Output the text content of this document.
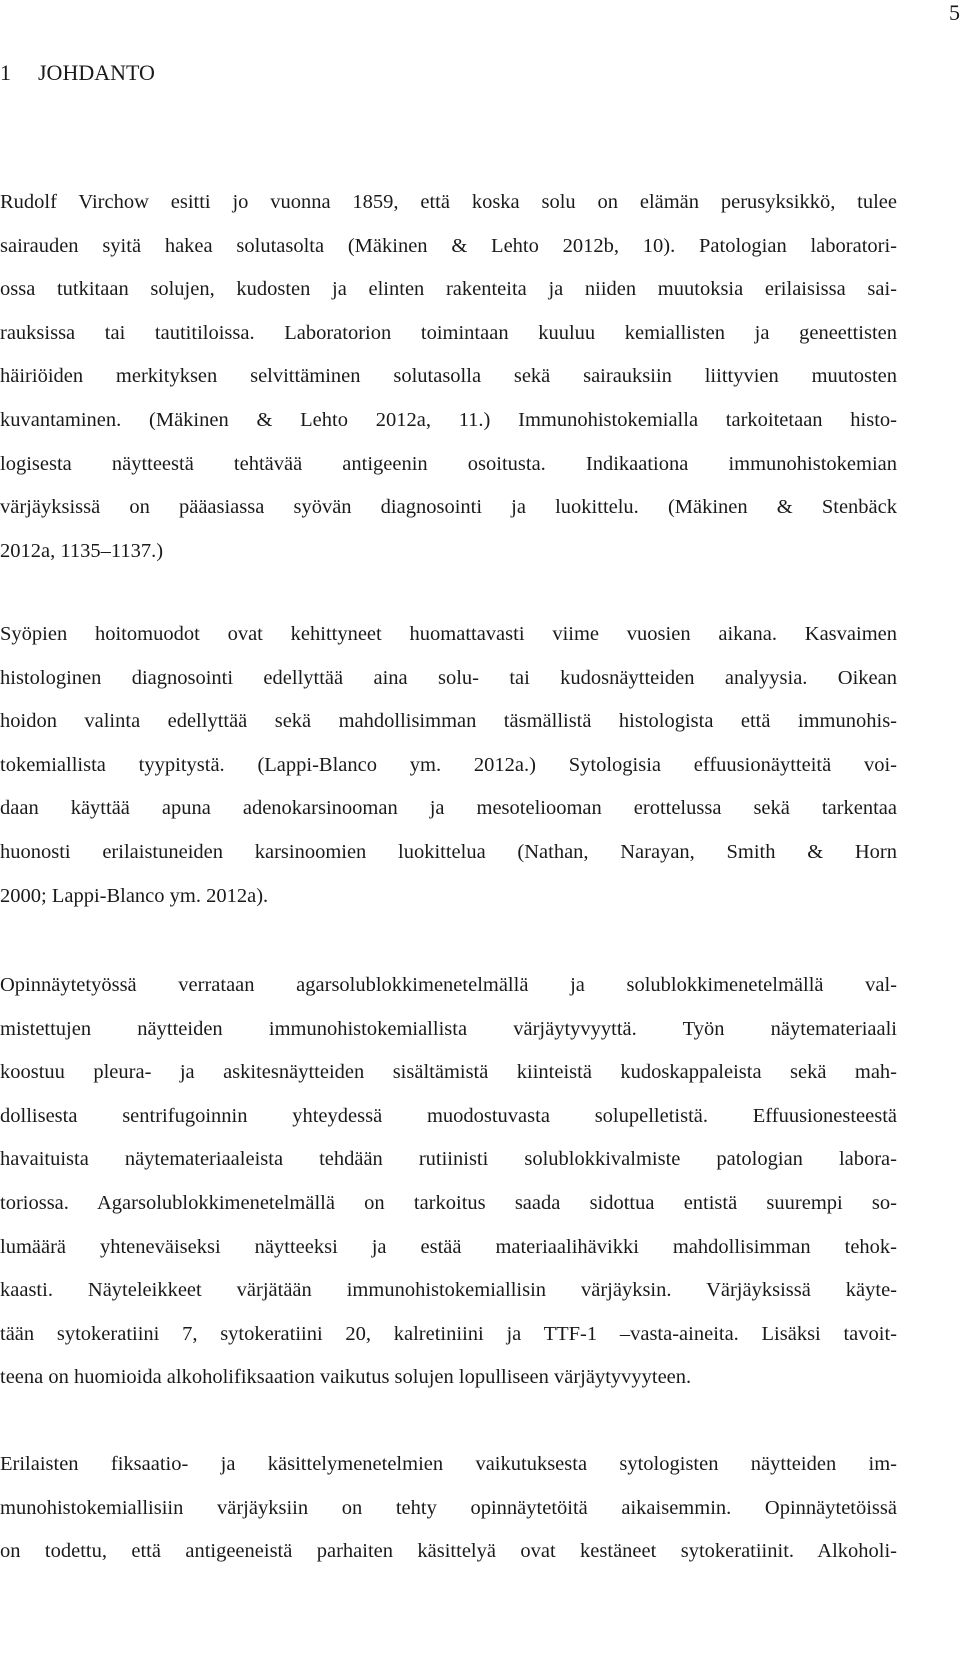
5
1 JOHDANTO
Rudolf Virchow esitti jo vuonna 1859, että koska solu on elämän perusyksikkö, tulee
sairauden syitä hakea solutasolta (Mäkinen & Lehto 2012b, 10). Patologian laboratori-
ossa tutkitaan solujen, kudosten ja elinten rakenteita ja niiden muutoksia erilaisissa sai-
rauksissa tai tautitiloissa. Laboratorion toimintaan kuuluu kemiallisten ja geneettisten
häiriöiden merkityksen selvittäminen solutasolla sekä sairauksiin liittyvien muutosten
kuvantaminen. (Mäkinen & Lehto 2012a, 11.) Immunohistokemialla tarkoitetaan histo-
logisesta näytteestä tehtävää antigeenin osoitusta. Indikaationa immunohistokemian
värjäyksissä on pääasiassa syövän diagnosointi ja luokittelu. (Mäkinen & Stenbäck
2012a, 1135–1137.)
Syöpien hoitomuodot ovat kehittyneet huomattavasti viime vuosien aikana. Kasvaimen
histologinen diagnosointi edellyttää aina solu- tai kudosnäytteiden analyysia. Oikean
hoidon valinta edellyttää sekä mahdollisimman täsmällistä histologista että immunohis-
tokemiallista tyypitystä. (Lappi-Blanco ym. 2012a.) Sytologisia effuusionäytteitä voi-
daan käyttää apuna adenokarsinooman ja mesoteliooman erottelussa sekä tarkentaa
huonosti erilaistuneiden karsinoomien luokittelua (Nathan, Narayan, Smith & Horn
2000; Lappi-Blanco ym. 2012a).
Opinnäytetyössä verrataan agarsolublokkimenetelmällä ja solublokkimenetelmällä val-
mistettujen näytteiden immunohistokemiallista värjäytyvyyttä. Työn näytemateriaali
koostuu pleura- ja askitesnäytteiden sisältämistä kiinteistä kudoskappaleista sekä mah-
dollisesta sentrifugoinnin yhteydessä muodostuvasta solupelletistä. Effuusionesteestä
havaituista näytemateriaaleista tehdään rutiinisti solublokkivalmiste patologian labora-
toriossa. Agarsolublokkimenetelmällä on tarkoitus saada sidottua entistä suurempi so-
lumäärä yhteneväiseksi näytteeksi ja estää materiaalihävikki mahdollisimman tehok-
kaasti. Näyteleikkeet värjätään immunohistokemiallisin värjäyksin. Värjäyksissä käyte-
tään sytokeratiini 7, sytokeratiini 20, kalretiniini ja TTF-1 –vasta-aineita. Lisäksi tavoit-
teena on huomioida alkoholifiksaation vaikutus solujen lopulliseen värjäytyvyyteen.
Erilaisten fiksaatio- ja käsittelymenetelmien vaikutuksesta sytologisten näytteiden im-
munohistokemiallisiin värjäyksiin on tehty opinnäytetöitä aikaisemmin. Opinnäytetöissä
on todettu, että antigeeneistä parhaiten käsittelyä ovat kestäneet sytokeratiinit. Alkoholi-
